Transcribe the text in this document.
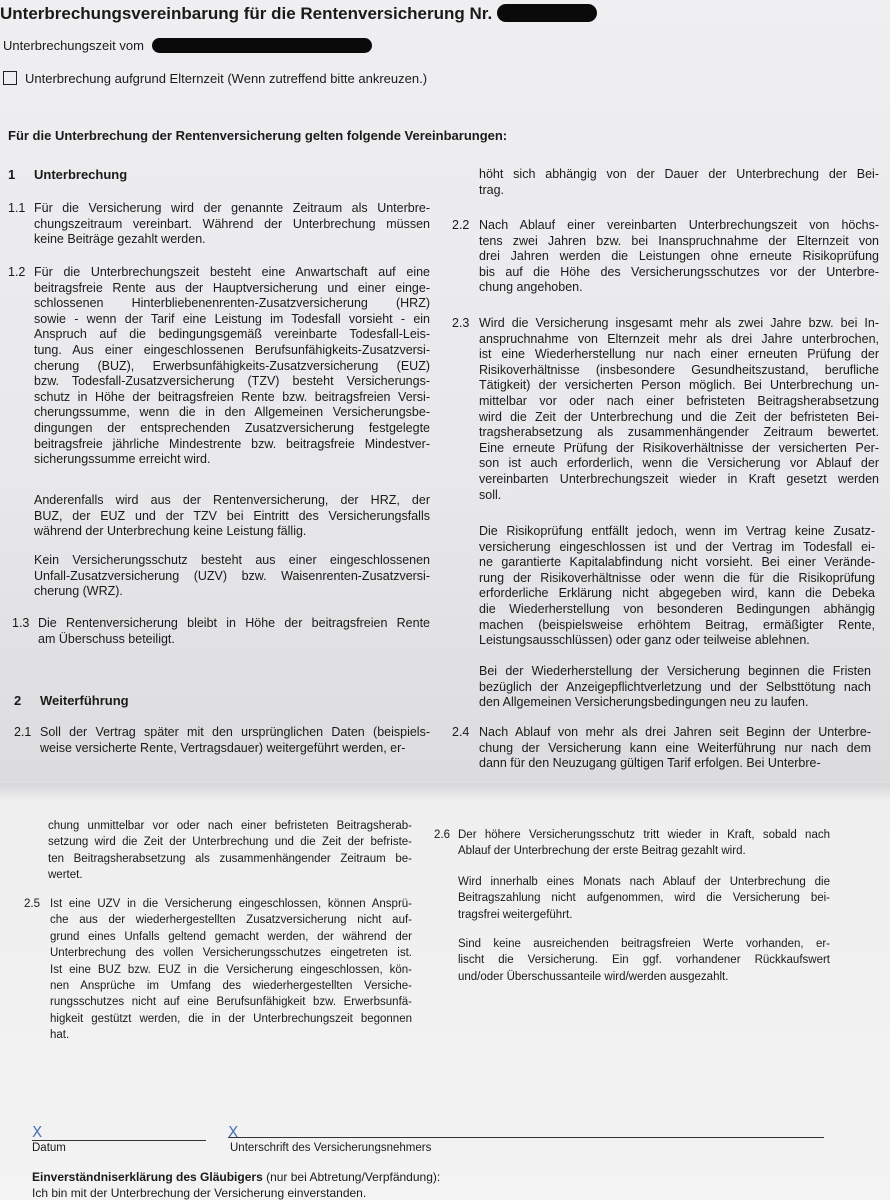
Unterbrechungsvereinbarung für die Rentenversicherung Nr.
Unterbrechungszeit vom
Unterbrechung aufgrund Elternzeit (Wenn zutreffend bitte ankreuzen.)
Für die Unterbrechung der Rentenversicherung gelten folgende Vereinbarungen:
1 Unterbrechung
1.1 Für die Versicherung wird der genannte Zeitraum als Unterbre-
chungszeitraum vereinbart. Während der Unterbrechung müssen
keine Beiträge gezahlt werden.
1.2 Für die Unterbrechungszeit besteht eine Anwartschaft auf eine
beitragsfreie Rente aus der Hauptversicherung und einer einge-
schlossenen Hinterbliebenenrenten-Zusatzversicherung (HRZ)
sowie - wenn der Tarif eine Leistung im Todesfall vorsieht - ein
Anspruch auf die bedingungsgemäß vereinbarte Todesfall-Leis-
tung. Aus einer eingeschlossenen Berufsunfähigkeits-Zusatzversi-
cherung (BUZ), Erwerbsunfähigkeits-Zusatzversicherung (EUZ)
bzw. Todesfall-Zusatzversicherung (TZV) besteht Versicherungs-
schutz in Höhe der beitragsfreien Rente bzw. beitragsfreien Versi-
cherungssumme, wenn die in den Allgemeinen Versicherungsbe-
dingungen der entsprechenden Zusatzversicherung festgelegte
beitragsfreie jährliche Mindestrente bzw. beitragsfreie Mindestver-
sicherungssumme erreicht wird.
Anderenfalls wird aus der Rentenversicherung, der HRZ, der
BUZ, der EUZ und der TZV bei Eintritt des Versicherungsfalls
während der Unterbrechung keine Leistung fällig.
Kein Versicherungsschutz besteht aus einer eingeschlossenen
Unfall-Zusatzversicherung (UZV) bzw. Waisenrenten-Zusatzversi-
cherung (WRZ).
1.3 Die Rentenversicherung bleibt in Höhe der beitragsfreien Rente
am Überschuss beteiligt.
2 Weiterführung
2.1 Soll der Vertrag später mit den ursprünglichen Daten (beispiels-
weise versicherte Rente, Vertragsdauer) weitergeführt werden, er-
höht sich abhängig von der Dauer der Unterbrechung der Bei-
trag.
2.2 Nach Ablauf einer vereinbarten Unterbrechungszeit von höchs-
tens zwei Jahren bzw. bei Inanspruchnahme der Elternzeit von
drei Jahren werden die Leistungen ohne erneute Risikoprüfung
bis auf die Höhe des Versicherungsschutzes vor der Unterbre-
chung angehoben.
2.3 Wird die Versicherung insgesamt mehr als zwei Jahre bzw. bei In-
anspruchnahme von Elternzeit mehr als drei Jahre unterbrochen,
ist eine Wiederherstellung nur nach einer erneuten Prüfung der
Risikoverhältnisse (insbesondere Gesundheitszustand, berufliche
Tätigkeit) der versicherten Person möglich. Bei Unterbrechung un-
mittelbar vor oder nach einer befristeten Beitragsherabsetzung
wird die Zeit der Unterbrechung und die Zeit der befristeten Bei-
tragsherabsetzung als zusammenhängender Zeitraum bewertet.
Eine erneute Prüfung der Risikoverhältnisse der versicherten Per-
son ist auch erforderlich, wenn die Versicherung vor Ablauf der
vereinbarten Unterbrechungszeit wieder in Kraft gesetzt werden
soll.
Die Risikoprüfung entfällt jedoch, wenn im Vertrag keine Zusatz-
versicherung eingeschlossen ist und der Vertrag im Todesfall ei-
ne garantierte Kapitalabfindung nicht vorsieht. Bei einer Verände-
rung der Risikoverhältnisse oder wenn die für die Risikoprüfung
erforderliche Erklärung nicht abgegeben wird, kann die Debeka
die Wiederherstellung von besonderen Bedingungen abhängig
machen (beispielsweise erhöhtem Beitrag, ermäßigter Rente,
Leistungsausschlüssen) oder ganz oder teilweise ablehnen.
Bei der Wiederherstellung der Versicherung beginnen die Fristen
bezüglich der Anzeigepflichtverletzung und der Selbsttötung nach
den Allgemeinen Versicherungsbedingungen neu zu laufen.
2.4 Nach Ablauf von mehr als drei Jahren seit Beginn der Unterbre-
chung der Versicherung kann eine Weiterführung nur nach dem
dann für den Neuzugang gültigen Tarif erfolgen. Bei Unterbre-
chung unmittelbar vor oder nach einer befristeten Beitragsherab-
setzung wird die Zeit der Unterbrechung und die Zeit der befriste-
ten Beitragsherabsetzung als zusammenhängender Zeitraum be-
wertet.
2.5 Ist eine UZV in die Versicherung eingeschlossen, können Ansprü-
che aus der wiederhergestellten Zusatzversicherung nicht auf-
grund eines Unfalls geltend gemacht werden, der während der
Unterbrechung des vollen Versicherungsschutzes eingetreten ist.
Ist eine BUZ bzw. EUZ in die Versicherung eingeschlossen, kön-
nen Ansprüche im Umfang des wiederhergestellten Versiche-
rungsschutzes nicht auf eine Berufsunfähigkeit bzw. Erwerbsunfä-
higkeit gestützt werden, die in der Unterbrechungszeit begonnen
hat.
2.6 Der höhere Versicherungsschutz tritt wieder in Kraft, sobald nach
Ablauf der Unterbrechung der erste Beitrag gezahlt wird.
Wird innerhalb eines Monats nach Ablauf der Unterbrechung die
Beitragszahlung nicht aufgenommen, wird die Versicherung bei-
tragsfrei weitergeführt.
Sind keine ausreichenden beitragsfreien Werte vorhanden, er-
lischt die Versicherung. Ein ggf. vorhandener Rückkaufswert
und/oder Überschussanteile wird/werden ausgezahlt.
X
Datum
X
Unterschrift des Versicherungsnehmers
Einverständniserklärung des Gläubigers (nur bei Abtretung/Verpfändung):
Ich bin mit der Unterbrechung der Versicherung einverstanden.
